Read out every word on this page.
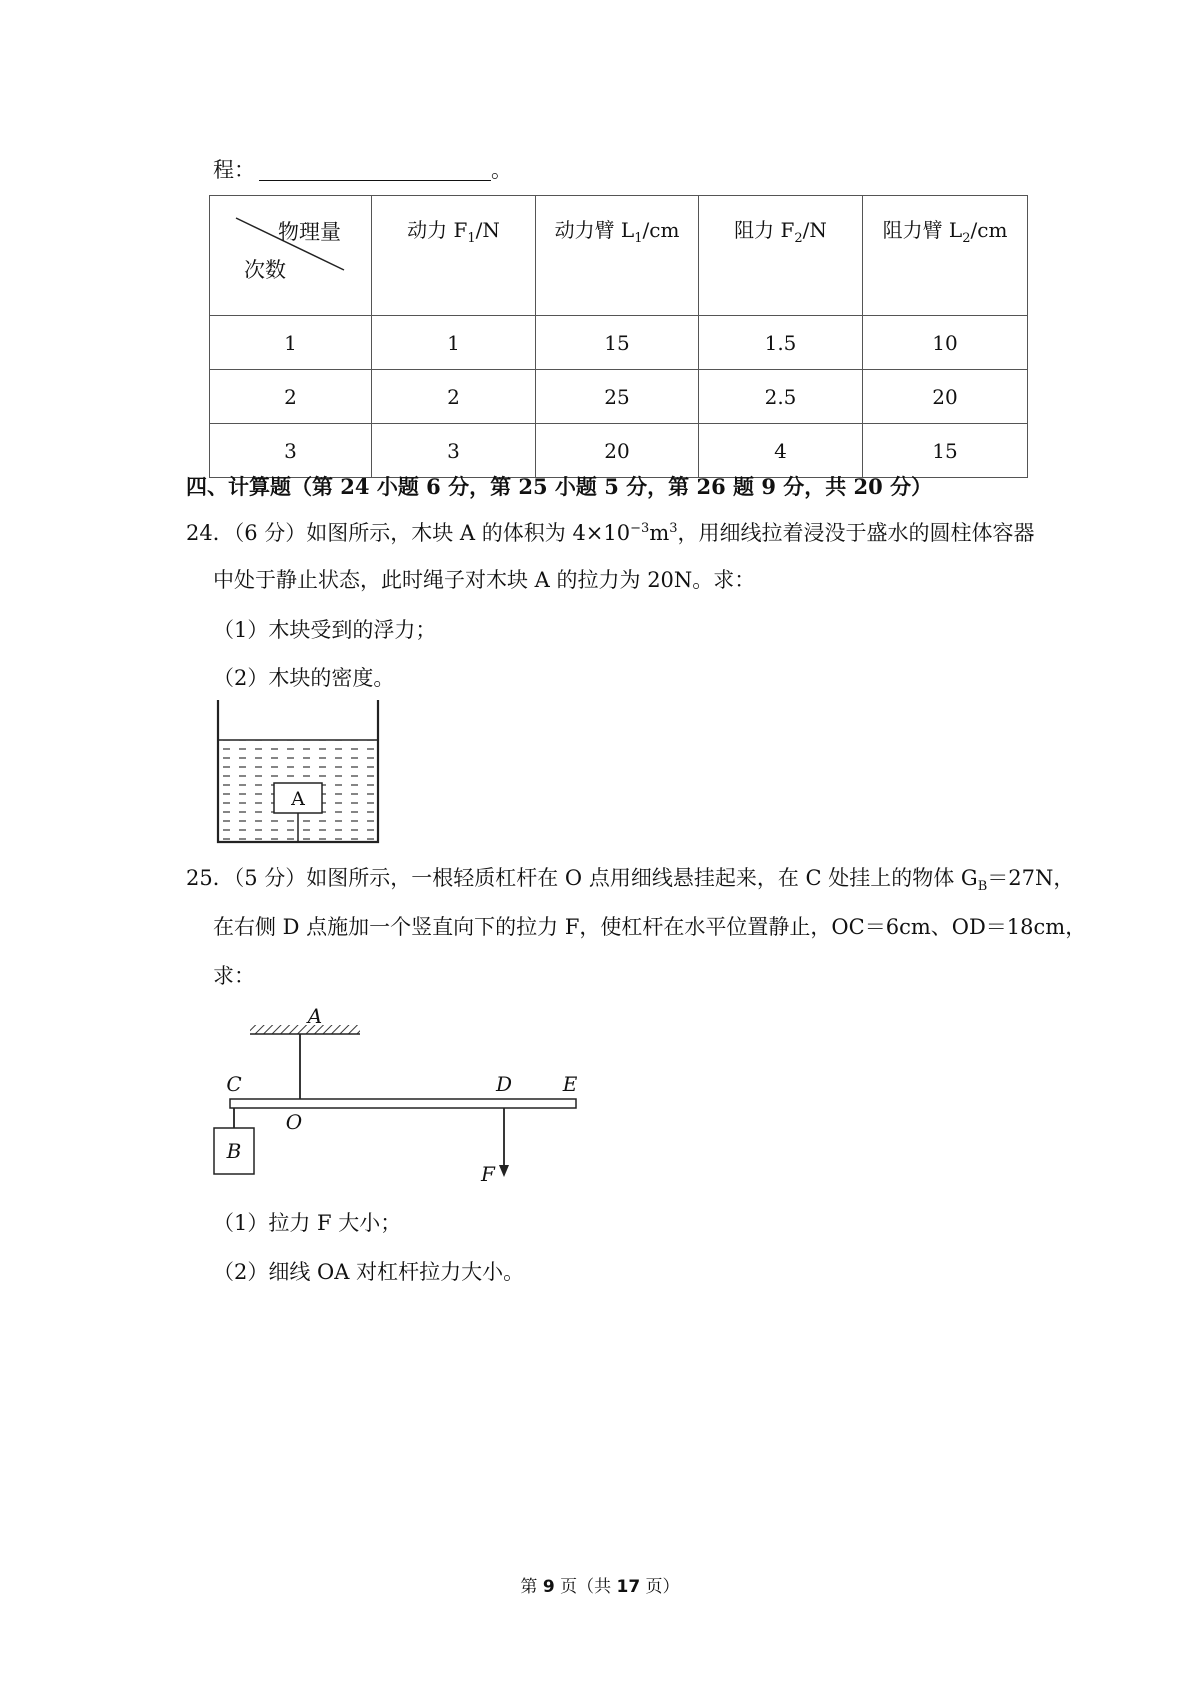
程：	。
物理量
次数	动力 $F_1/N$	动力臂 $L_1/cm$	阻力 $F_2/N$	阻力臂 $L_2/cm$
1	1	15	1.5	10
2	2	25	2.5	20
3	3	20	4	15
四、计算题（第 24 小题 6 分，第 25 小题 5 分，第 26 题 9 分，共 20 分）
24．（6 分）如图所示，木块 A 的体积为 $4\times 10^{-3}m^3$，用细线拉着浸没于盛水的圆柱体容器
中处于静止状态，此时绳子对木块 A 的拉力为 20N。求：
（1）木块受到的浮力；
（2）木块的密度。
A
25．（5 分）如图所示，一根轻质杠杆在 O 点用细线悬挂起来，在 C 处挂上的物体 $G_B=27N$，
在右侧 D 点施加一个竖直向下的拉力 F，使杠杆在水平位置静止，OC＝6cm、OD＝18cm，
求：
A
C	D	E
O
B
F
（1）拉力 F 大小；
（2）细线 OA 对杠杆拉力大小。
第 9 页（共 17 页）
